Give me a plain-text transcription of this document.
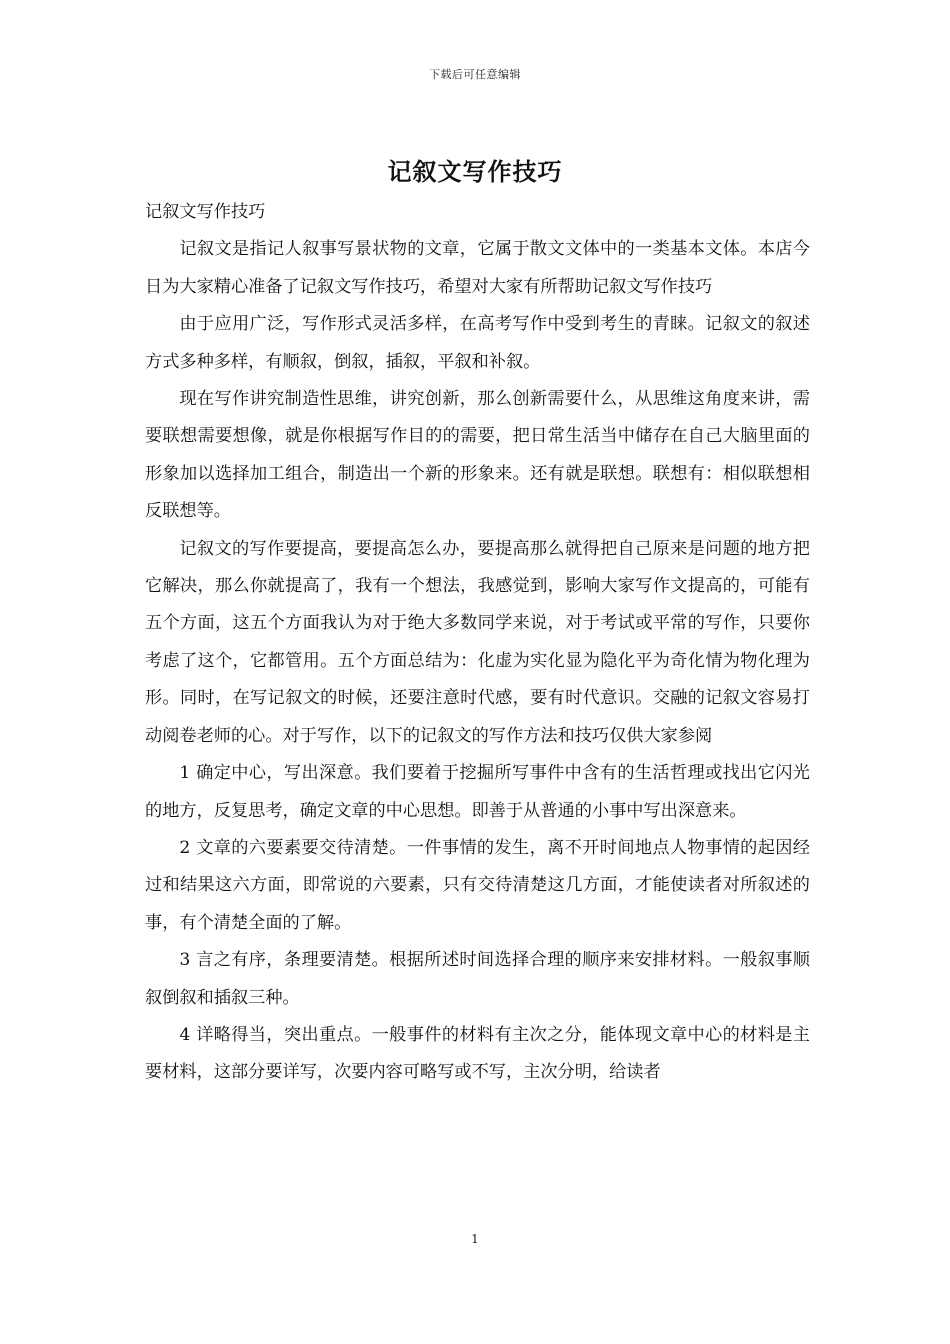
下载后可任意编辑
记叙文写作技巧

记叙文写作技巧

记叙文是指记人叙事写景状物的文章，它属于散文文体中的一类基本文体。本店今日为大家精心准备了记叙文写作技巧，希望对大家有所帮助记叙文写作技巧

由于应用广泛，写作形式灵活多样，在高考写作中受到考生的青睐。记叙文的叙述方式多种多样，有顺叙，倒叙，插叙，平叙和补叙。

现在写作讲究制造性思维，讲究创新，那么创新需要什么，从思维这角度来讲，需要联想需要想像，就是你根据写作目的的需要，把日常生活当中储存在自己大脑里面的形象加以选择加工组合，制造出一个新的形象来。还有就是联想。联想有：相似联想相反联想等。

记叙文的写作要提高，要提高怎么办，要提高那么就得把自己原来是问题的地方把它解决，那么你就提高了，我有一个想法，我感觉到，影响大家写作文提高的，可能有五个方面，这五个方面我认为对于绝大多数同学来说，对于考试或平常的写作，只要你考虑了这个，它都管用。五个方面总结为：化虚为实化显为隐化平为奇化情为物化理为形。同时，在写记叙文的时候，还要注意时代感，要有时代意识。交融的记叙文容易打动阅卷老师的心。对于写作，以下的记叙文的写作方法和技巧仅供大家参阅

1 确定中心，写出深意。我们要着于挖掘所写事件中含有的生活哲理或找出它闪光的地方，反复思考，确定文章的中心思想。即善于从普通的小事中写出深意来。

2 文章的六要素要交待清楚。一件事情的发生，离不开时间地点人物事情的起因经过和结果这六方面，即常说的六要素，只有交待清楚这几方面，才能使读者对所叙述的事，有个清楚全面的了解。

3 言之有序，条理要清楚。根据所述时间选择合理的顺序来安排材料。一般叙事顺叙倒叙和插叙三种。

4 详略得当，突出重点。一般事件的材料有主次之分，能体现文章中心的材料是主要材料，这部分要详写，次要内容可略写或不写，主次分明，给读者

1
